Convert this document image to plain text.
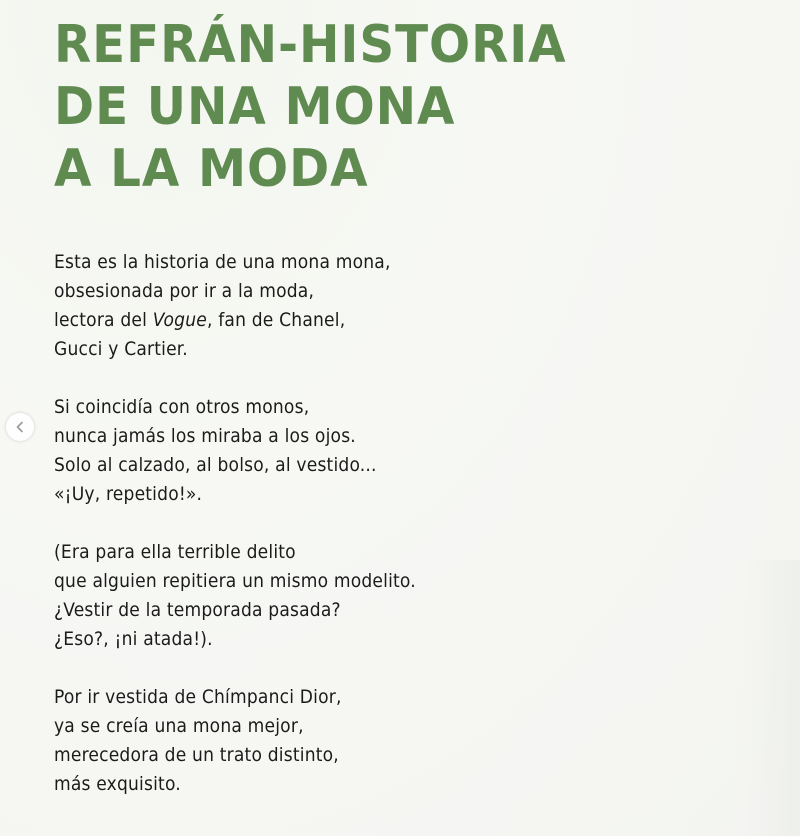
REFRÁN-HISTORIA
DE UNA MONA
A LA MODA
Esta es la historia de una mona mona,
obsesionada por ir a la moda,
lectora del Vogue, fan de Chanel,
Gucci y Cartier.
Si coincidía con otros monos,
nunca jamás los miraba a los ojos.
Solo al calzado, al bolso, al vestido...
«¡Uy, repetido!».
(Era para ella terrible delito
que alguien repitiera un mismo modelito.
¿Vestir de la temporada pasada?
¿Eso?, ¡ni atada!).
Por ir vestida de Chímpanci Dior,
ya se creía una mona mejor,
merecedora de un trato distinto,
más exquisito.
